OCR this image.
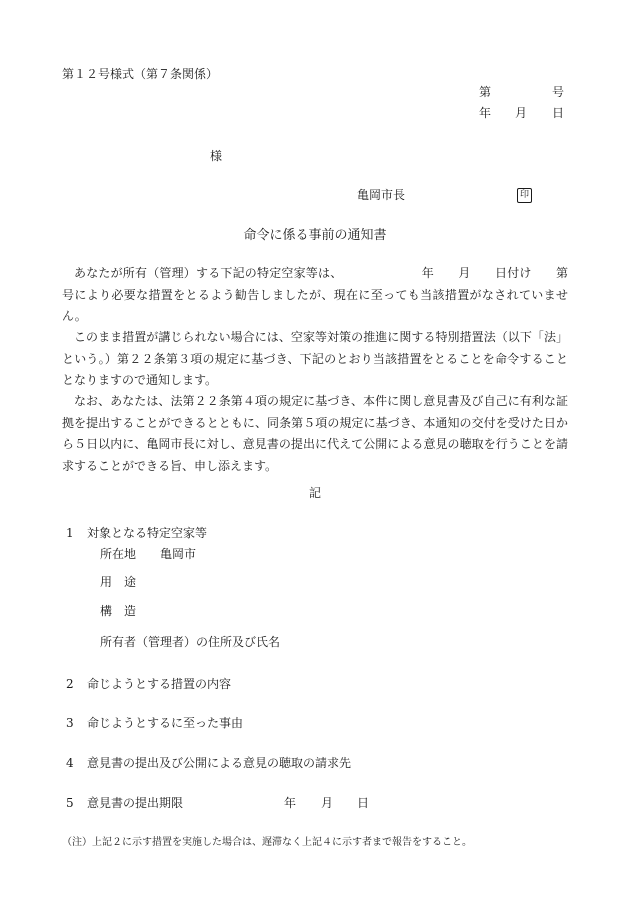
第１２号様式（第７条関係）
第	号
年 月 日
様
亀岡市長	印
命令に係る事前の通知書
あなたが所有（管理）する下記の特定空家等は、　　　　　　　年　　月　　日付け　　第　　　　号により必要な措置をとるよう勧告しましたが、現在に至っても当該措置がなされていません。
このまま措置が講じられない場合には、空家等対策の推進に関する特別措置法（以下「法」という。）第２２条第３項の規定に基づき、下記のとおり当該措置をとることを命令することとなりますので通知します。
なお、あなたは、法第２２条第４項の規定に基づき、本件に関し意見書及び自己に有利な証拠を提出することができるとともに、同条第５項の規定に基づき、本通知の交付を受けた日から５日以内に、亀岡市長に対し、意見書の提出に代えて公開による意見の聴取を行うことを請求することができる旨、申し添えます。
記
1 対象となる特定空家等
所在地 亀岡市
用　途
構　造
所有者（管理者）の住所及び氏名
2 命じようとする措置の内容
3 命じようとするに至った事由
4 意見書の提出及び公開による意見の聴取の請求先
5 意見書の提出期限	年 月 日
（注）上記２に示す措置を実施した場合は、遅滞なく上記４に示す者まで報告をすること。
